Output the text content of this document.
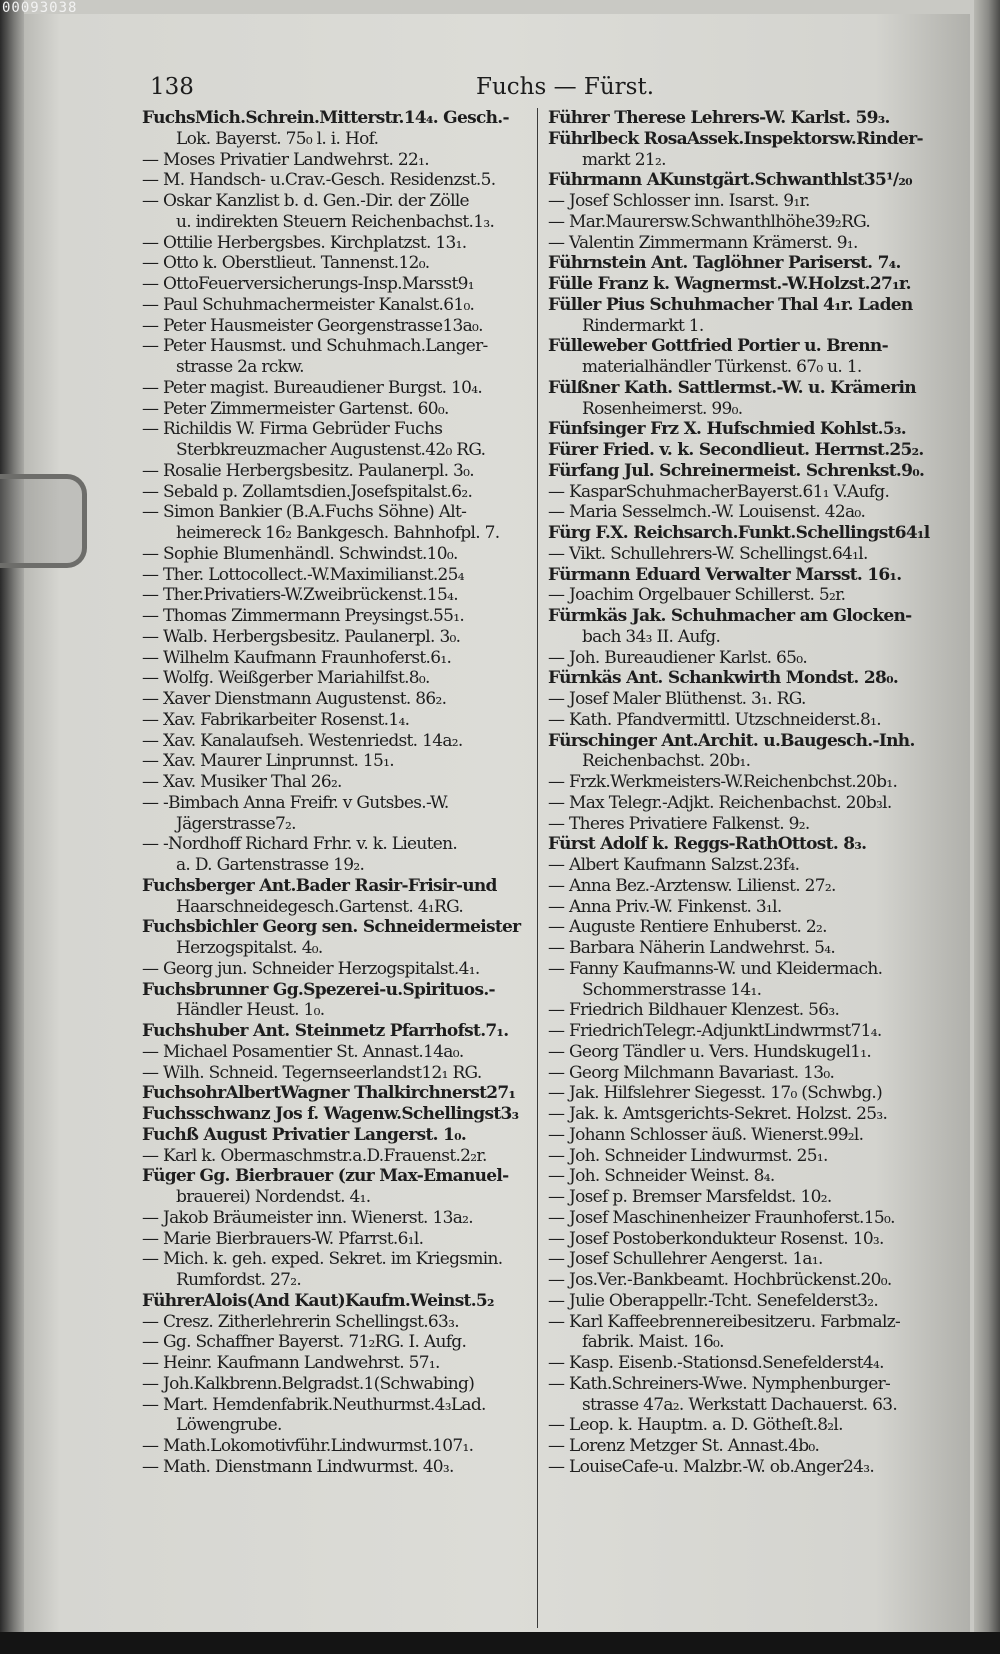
00093038
138	Fuchs — Fürst.
FuchsMich.Schrein.Mitterstr.14₄. Gesch.-
Lok. Bayerst. 75₀ l. i. Hof.
— Moses Privatier Landwehrst. 22₁.
— M. Handsch- u.Crav.-Gesch. Residenzst.5.
— Oskar Kanzlist b. d. Gen.-Dir. der Zölle
u. indirekten Steuern Reichenbachst.1₃.
— Ottilie Herbergsbes. Kirchplatzst. 13₁.
— Otto k. Oberstlieut. Tannenst.12₀.
— OttoFeuerversicherungs-Insp.Marsst9₁
— Paul Schuhmachermeister Kanalst.61₀.
— Peter Hausmeister Georgenstrasse13a₀.
— Peter Hausmst. und Schuhmach.Langer-
strasse 2a rckw.
— Peter magist. Bureaudiener Burgst. 10₄.
— Peter Zimmermeister Gartenst. 60₀.
— Richildis W. Firma Gebrüder Fuchs
Sterbkreuzmacher Augustenst.42₀ RG.
— Rosalie Herbergsbesitz. Paulanerpl. 3₀.
— Sebald p. Zollamtsdien.Josefspitalst.6₂.
— Simon Bankier (B.A.Fuchs Söhne) Alt-
heimereck 16₂ Bankgesch. Bahnhofpl. 7.
— Sophie Blumenhändl. Schwindst.10₀.
— Ther. Lottocollect.-W.Maximilianst.25₄
— Ther.Privatiers-W.Zweibrückenst.15₄.
— Thomas Zimmermann Preysingst.55₁.
— Walb. Herbergsbesitz. Paulanerpl. 3₀.
— Wilhelm Kaufmann Fraunhoferst.6₁.
— Wolfg. Weißgerber Mariahilfst.8₀.
— Xaver Dienstmann Augustenst. 86₂.
— Xav. Fabrikarbeiter Rosenst.1₄.
— Xav. Kanalaufseh. Westenriedst. 14a₂.
— Xav. Maurer Linprunnst. 15₁.
— Xav. Musiker Thal 26₂.
— -Bimbach Anna Freifr. v Gutsbes.-W.
Jägerstrasse7₂.
— -Nordhoff Richard Frhr. v. k. Lieuten.
a. D. Gartenstrasse 19₂.
Fuchsberger Ant.Bader Rasir-Frisir-und
Haarschneidegesch.Gartenst. 4₁RG.
Fuchsbichler Georg sen. Schneidermeister
Herzogspitalst. 4₀.
— Georg jun. Schneider Herzogspitalst.4₁.
Fuchsbrunner Gg.Spezerei-u.Spirituos.-
Händler Heust. 1₀.
Fuchshuber Ant. Steinmetz Pfarrhofst.7₁.
— Michael Posamentier St. Annast.14a₀.
— Wilh. Schneid. Tegernseerlandst12₁ RG.
FuchsohrAlbertWagner Thalkirchnerst27₁
Fuchsschwanz Jos f. Wagenw.Schellingst3₃
Fuchß August Privatier Langerst. 1₀.
— Karl k. Obermaschmstr.a.D.Frauenst.2₂r.
Füger Gg. Bierbrauer (zur Max-Emanuel-
brauerei) Nordendst. 4₁.
— Jakob Bräumeister inn. Wienerst. 13a₂.
— Marie Bierbrauers-W. Pfarrst.6₁l.
— Mich. k. geh. exped. Sekret. im Kriegsmin.
Rumfordst. 27₂.
FührerAlois(And Kaut)Kaufm.Weinst.5₂
— Cresz. Zitherlehrerin Schellingst.63₃.
— Gg. Schaffner Bayerst. 71₂RG. I. Aufg.
— Heinr. Kaufmann Landwehrst. 57₁.
— Joh.Kalkbrenn.Belgradst.1(Schwabing)
— Mart. Hemdenfabrik.Neuthurmst.4₃Lad.
Löwengrube.
— Math.Lokomotivführ.Lindwurmst.107₁.
— Math. Dienstmann Lindwurmst. 40₃.
Führer Therese Lehrers-W. Karlst. 59₃.
Führlbeck RosaAssek.Inspektorsw.Rinder-
markt 21₂.
Führmann AKunstgärt.Schwanthlst35¹/₂₀
— Josef Schlosser inn. Isarst. 9₁r.
— Mar.Maurersw.Schwanthlhöhe39₂RG.
— Valentin Zimmermann Krämerst. 9₁.
Führnstein Ant. Taglöhner Pariserst. 7₄.
Fülle Franz k. Wagnermst.-W.Holzst.27₁r.
Füller Pius Schuhmacher Thal 4₁r. Laden
Rindermarkt 1.
Fülleweber Gottfried Portier u. Brenn-
materialhändler Türkenst. 67₀ u. 1.
Fülßner Kath. Sattlermst.-W. u. Krämerin
Rosenheimerst. 99₀.
Fünfsinger Frz X. Hufschmied Kohlst.5₃.
Fürer Fried. v. k. Secondlieut. Herrnst.25₂.
Fürfang Jul. Schreinermeist. Schrenkst.9₀.
— KasparSchuhmacherBayerst.61₁ V.Aufg.
— Maria Sesselmch.-W. Louisenst. 42a₀.
Fürg F.X. Reichsarch.Funkt.Schellingst64₁l
— Vikt. Schullehrers-W. Schellingst.64₁l.
Fürmann Eduard Verwalter Marsst. 16₁.
— Joachim Orgelbauer Schillerst. 5₂r.
Fürmkäs Jak. Schuhmacher am Glocken-
bach 34₃ II. Aufg.
— Joh. Bureaudiener Karlst. 65₀.
Fürnkäs Ant. Schankwirth Mondst. 28₀.
— Josef Maler Blüthenst. 3₁. RG.
— Kath. Pfandvermittl. Utzschneiderst.8₁.
Fürschinger Ant.Archit. u.Baugesch.-Inh.
Reichenbachst. 20b₁.
— Frzk.Werkmeisters-W.Reichenbchst.20b₁.
— Max Telegr.-Adjkt. Reichenbachst. 20b₃l.
— Theres Privatiere Falkenst. 9₂.
Fürst Adolf k. Reggs-RathOttost. 8₃.
— Albert Kaufmann Salzst.23f₄.
— Anna Bez.-Arztensw. Lilienst. 27₂.
— Anna Priv.-W. Finkenst. 3₁l.
— Auguste Rentiere Enhuberst. 2₂.
— Barbara Näherin Landwehrst. 5₄.
— Fanny Kaufmanns-W. und Kleidermach.
Schommerstrasse 14₁.
— Friedrich Bildhauer Klenzest. 56₃.
— FriedrichTelegr.-AdjunktLindwrmst71₄.
— Georg Tändler u. Vers. Hundskugel1₁.
— Georg Milchmann Bavariast. 13₀.
— Jak. Hilfslehrer Siegesst. 17₀ (Schwbg.)
— Jak. k. Amtsgerichts-Sekret. Holzst. 25₃.
— Johann Schlosser äuß. Wienerst.99₂l.
— Joh. Schneider Lindwurmst. 25₁.
— Joh. Schneider Weinst. 8₄.
— Josef p. Bremser Marsfeldst. 10₂.
— Josef Maschinenheizer Fraunhoferst.15₀.
— Josef Postoberkondukteur Rosenst. 10₃.
— Josef Schullehrer Aengerst. 1a₁.
— Jos.Ver.-Bankbeamt. Hochbrückenst.20₀.
— Julie Oberappellr.-Tcht. Senefelderst3₂.
— Karl Kaffeebrennereibesitzeru. Farbmalz-
fabrik. Maist. 16₀.
— Kasp. Eisenb.-Stationsd.Senefelderst4₄.
— Kath.Schreiners-Wwe. Nymphenburger-
strasse 47a₂. Werkstatt Dachauerst. 63.
— Leop. k. Hauptm. a. D. Götheſt.8₂l.
— Lorenz Metzger St. Annast.4b₀.
— LouiseCafe-u. Malzbr.-W. ob.Anger24₃.
